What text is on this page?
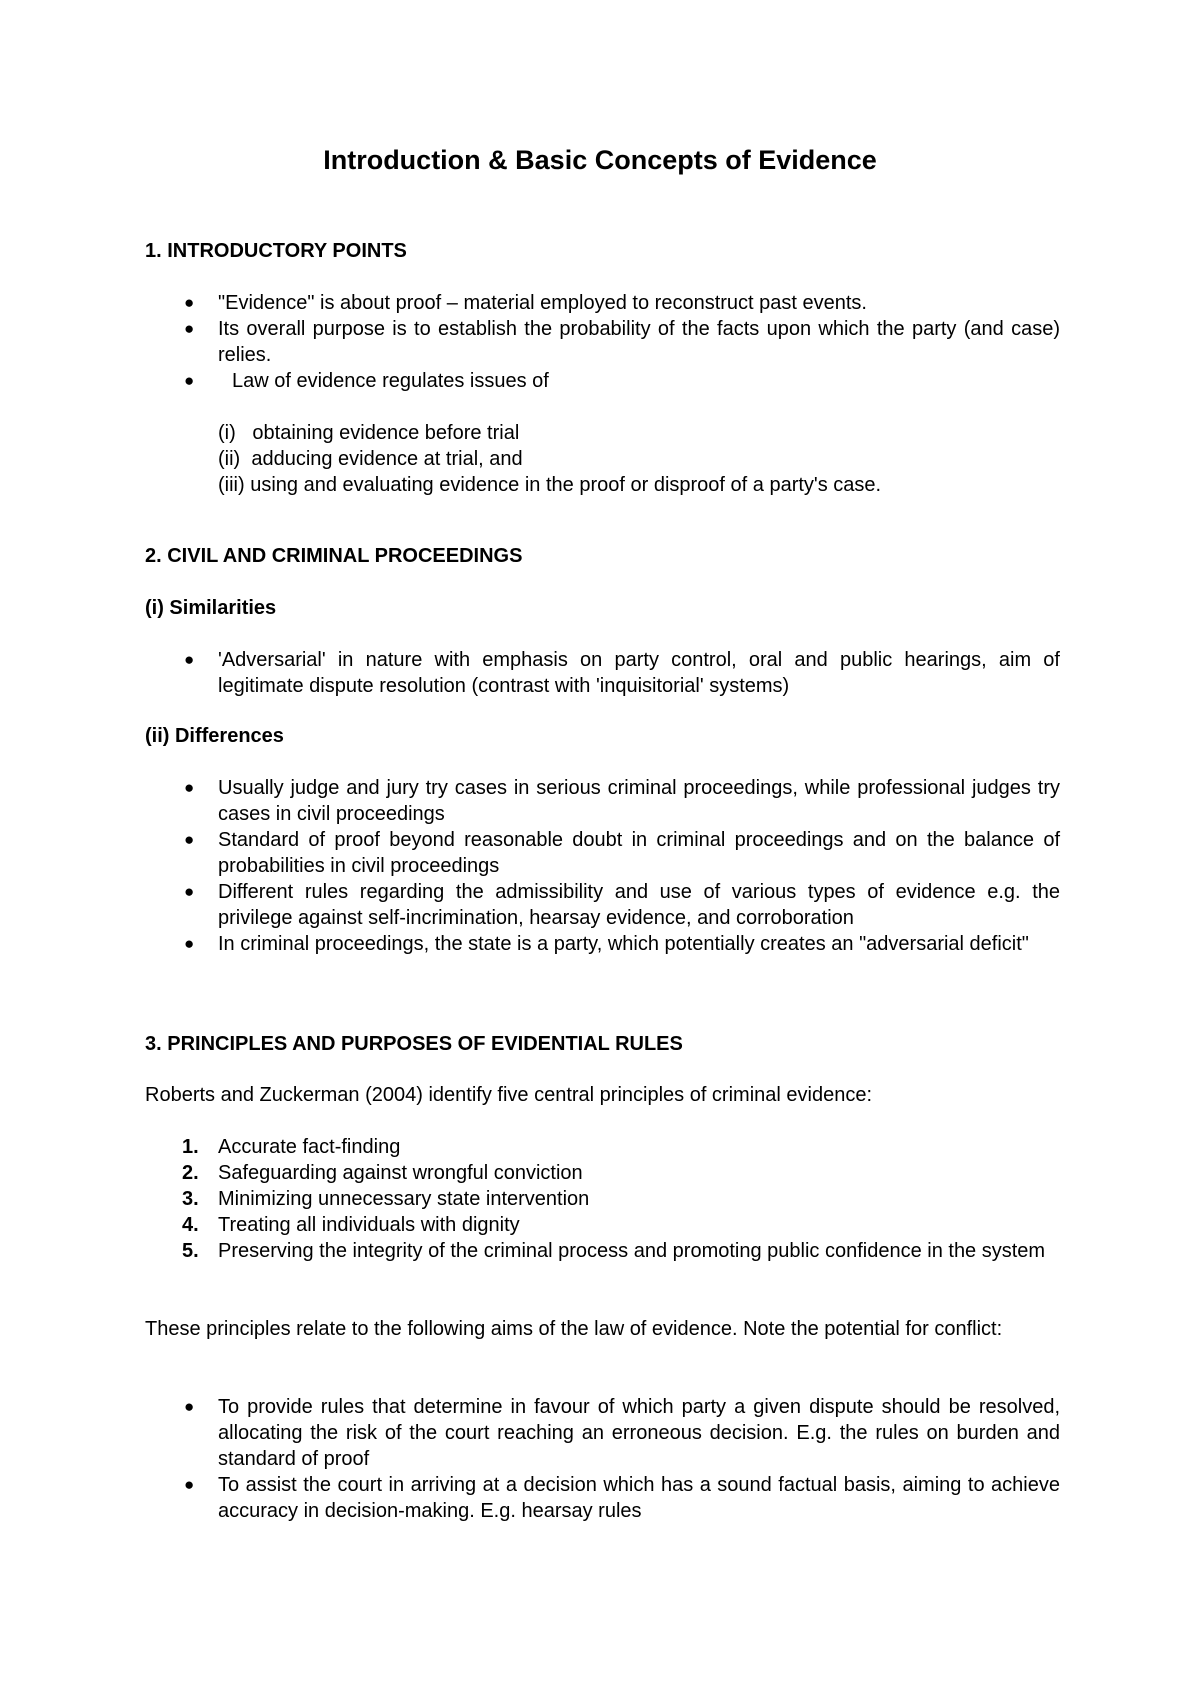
Introduction & Basic Concepts of Evidence
1. INTRODUCTORY POINTS
● "Evidence" is about proof – material employed to reconstruct past events.
● Its overall purpose is to establish the probability of the facts upon which the party (and case) relies.
● Law of evidence regulates issues of
(i)   obtaining evidence before trial
(ii)  adducing evidence at trial, and
(iii) using and evaluating evidence in the proof or disproof of a party's case.
2. CIVIL AND CRIMINAL PROCEEDINGS
(i) Similarities
● 'Adversarial' in nature with emphasis on party control, oral and public hearings, aim of legitimate dispute resolution (contrast with 'inquisitorial' systems)
(ii) Differences
● Usually judge and jury try cases in serious criminal proceedings, while professional judges try cases in civil proceedings
● Standard of proof beyond reasonable doubt in criminal proceedings and on the balance of probabilities in civil proceedings
● Different rules regarding the admissibility and use of various types of evidence e.g. the privilege against self-incrimination, hearsay evidence, and corroboration
● In criminal proceedings, the state is a party, which potentially creates an "adversarial deficit"
3. PRINCIPLES AND PURPOSES OF EVIDENTIAL RULES
Roberts and Zuckerman (2004) identify five central principles of criminal evidence:
1. Accurate fact-finding
2. Safeguarding against wrongful conviction
3. Minimizing unnecessary state intervention
4. Treating all individuals with dignity
5. Preserving the integrity of the criminal process and promoting public confidence in the system
These principles relate to the following aims of the law of evidence. Note the potential for conflict:
● To provide rules that determine in favour of which party a given dispute should be resolved, allocating the risk of the court reaching an erroneous decision. E.g. the rules on burden and standard of proof
● To assist the court in arriving at a decision which has a sound factual basis, aiming to achieve accuracy in decision-making. E.g. hearsay rules
